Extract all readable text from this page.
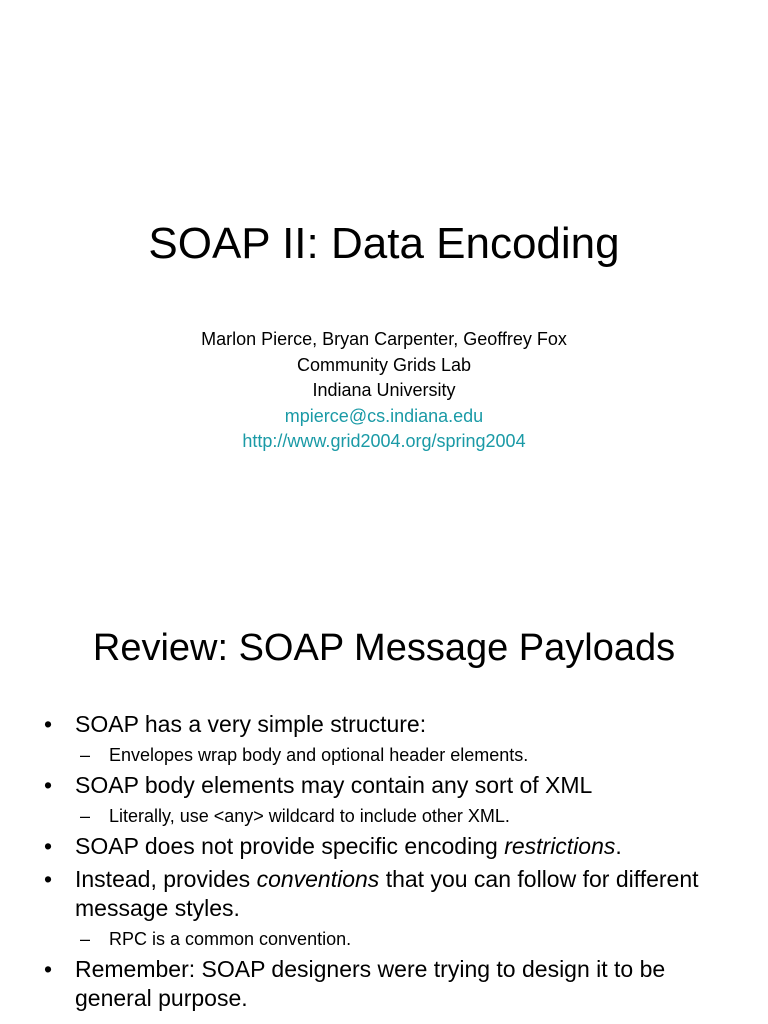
SOAP II: Data Encoding
Marlon Pierce, Bryan Carpenter, Geoffrey Fox
Community Grids Lab
Indiana University
mpierce@cs.indiana.edu
http://www.grid2004.org/spring2004
Review: SOAP Message Payloads
• SOAP has a very simple structure:
– Envelopes wrap body and optional header elements.
• SOAP body elements may contain any sort of XML
– Literally, use <any> wildcard to include other XML.
• SOAP does not provide specific encoding restrictions.
• Instead, provides conventions that you can follow for different message styles.
– RPC is a common convention.
• Remember: SOAP designers were trying to design it to be general purpose.
